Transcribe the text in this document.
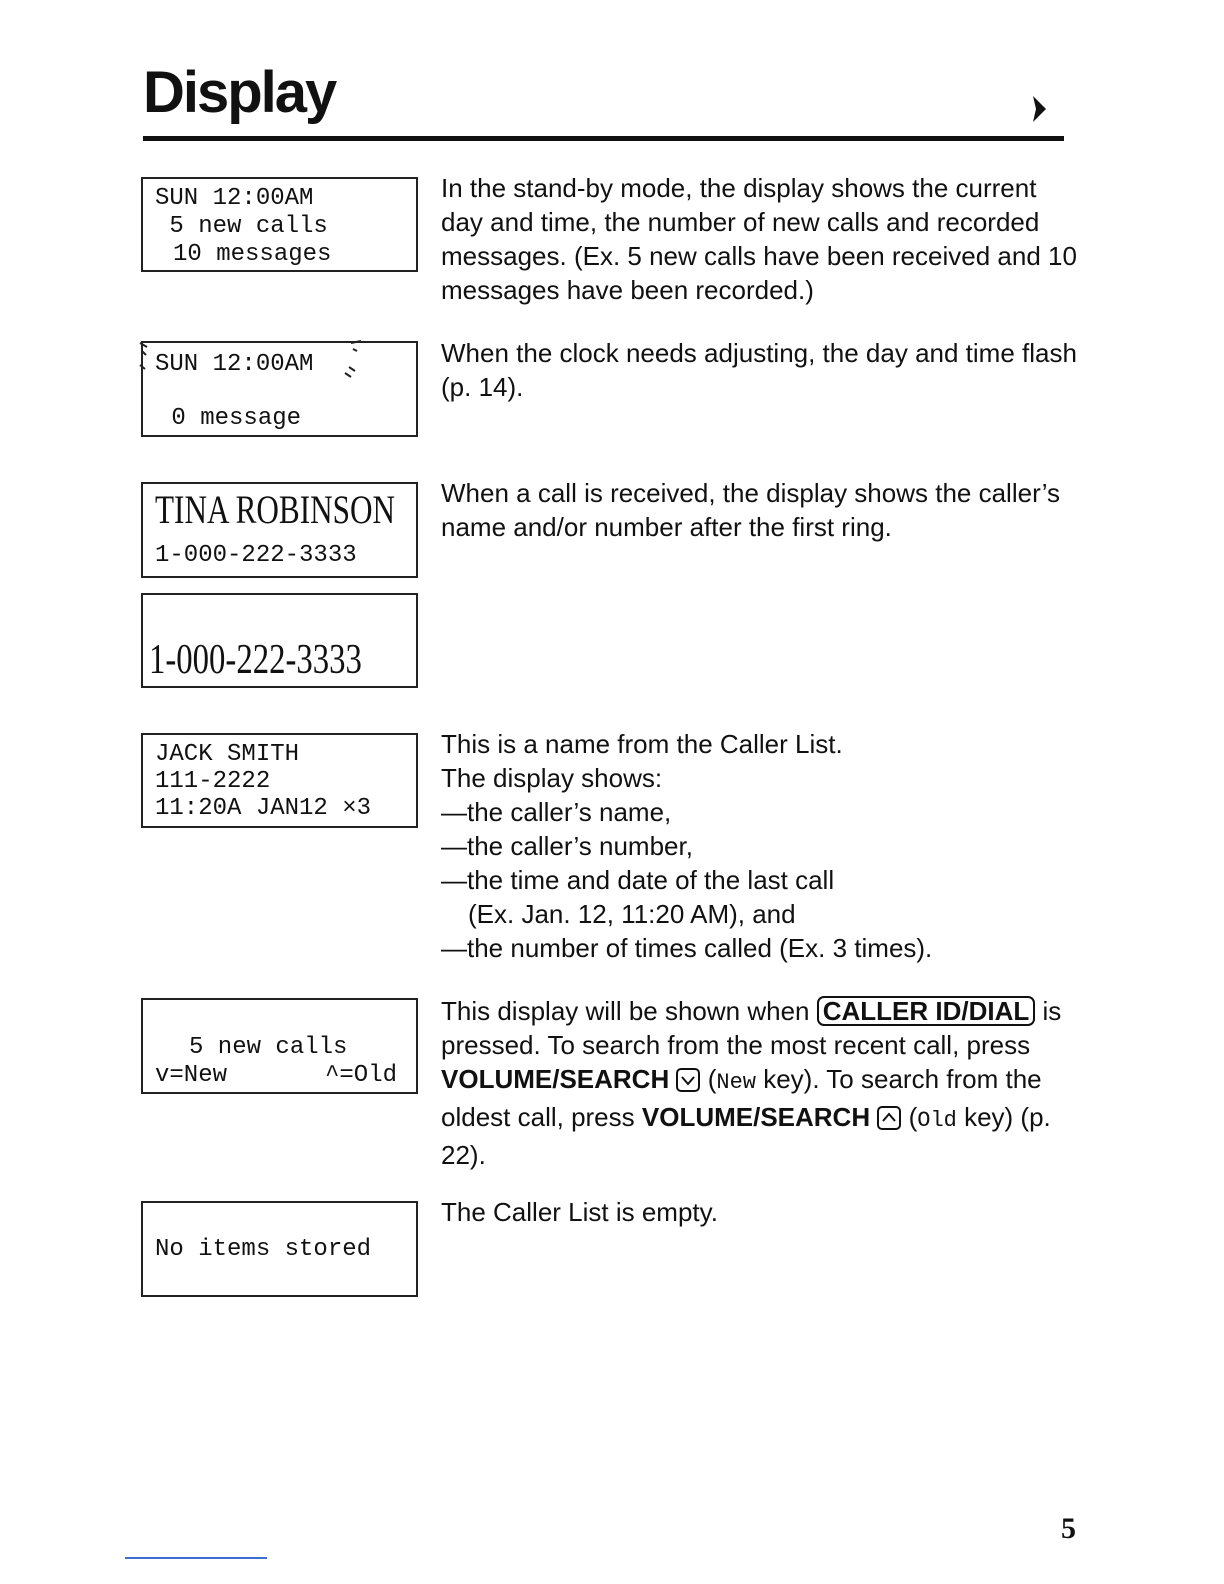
Display

SUN 12:00AM

5 new calls

10 messages

In the stand-by mode, the display shows the current day and time, the number of new calls and recorded messages. (Ex. 5 new calls have been received and 10 messages have been recorded.)

SUN 12:00AM

0 message

When the clock needs adjusting, the day and time flash (p. 14).

TINA ROBINSON

1-000-222-3333

When a call is received, the display shows the caller’s name and/or number after the first ring.

1-000-222-3333

JACK SMITH

111-2222

11:20A JAN12 ×3

This is a name from the Caller List.

The display shows:

—the caller’s name,

—the caller’s number,

—the time and date of the last call

(Ex. Jan. 12, 11:20 AM), and

—the number of times called (Ex. 3 times).

5 new calls

v=New

	^=Old

This display will be shown when CALLER ID/DIAL is pressed. To search from the most recent call, press VOLUME/SEARCH  (New key). To search from the oldest call, press VOLUME/SEARCH  (Old key) (p. 22).

No items stored

The Caller List is empty.

5
